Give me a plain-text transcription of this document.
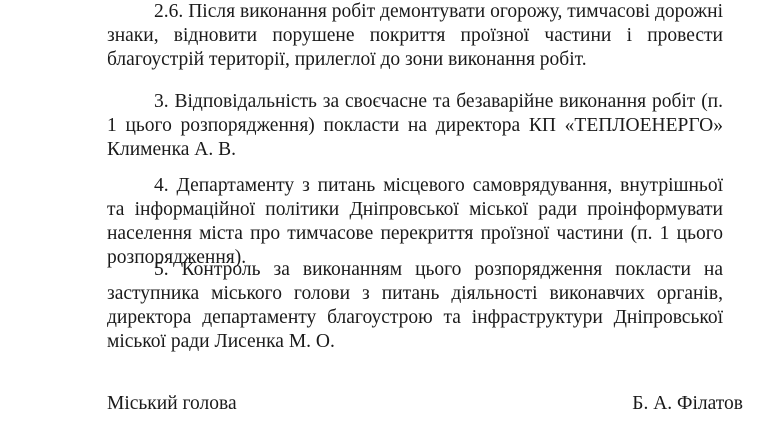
2.6. Після виконання робіт демонтувати огорожу, тимчасові дорожні знаки, відновити порушене покриття проїзної частини і провести благоустрій території, прилеглої до зони виконання робіт.

3. Відповідальність за своєчасне та безаварійне виконання робіт (п. 1 цього розпорядження) покласти на директора КП «ТЕПЛОЕНЕРГО» Клименка А. В.

4. Департаменту з питань місцевого самоврядування, внутрішньої та інформаційної політики Дніпровської міської ради проінформувати населення міста про тимчасове перекриття проїзної частини (п. 1 цього розпорядження).

5. Контроль за виконанням цього розпорядження покласти на заступника міського голови з питань діяльності виконавчих органів, директора департаменту благоустрою та інфраструктури Дніпровської міської ради Лисенка М. О.

Міський голова	Б. А. Філатов
